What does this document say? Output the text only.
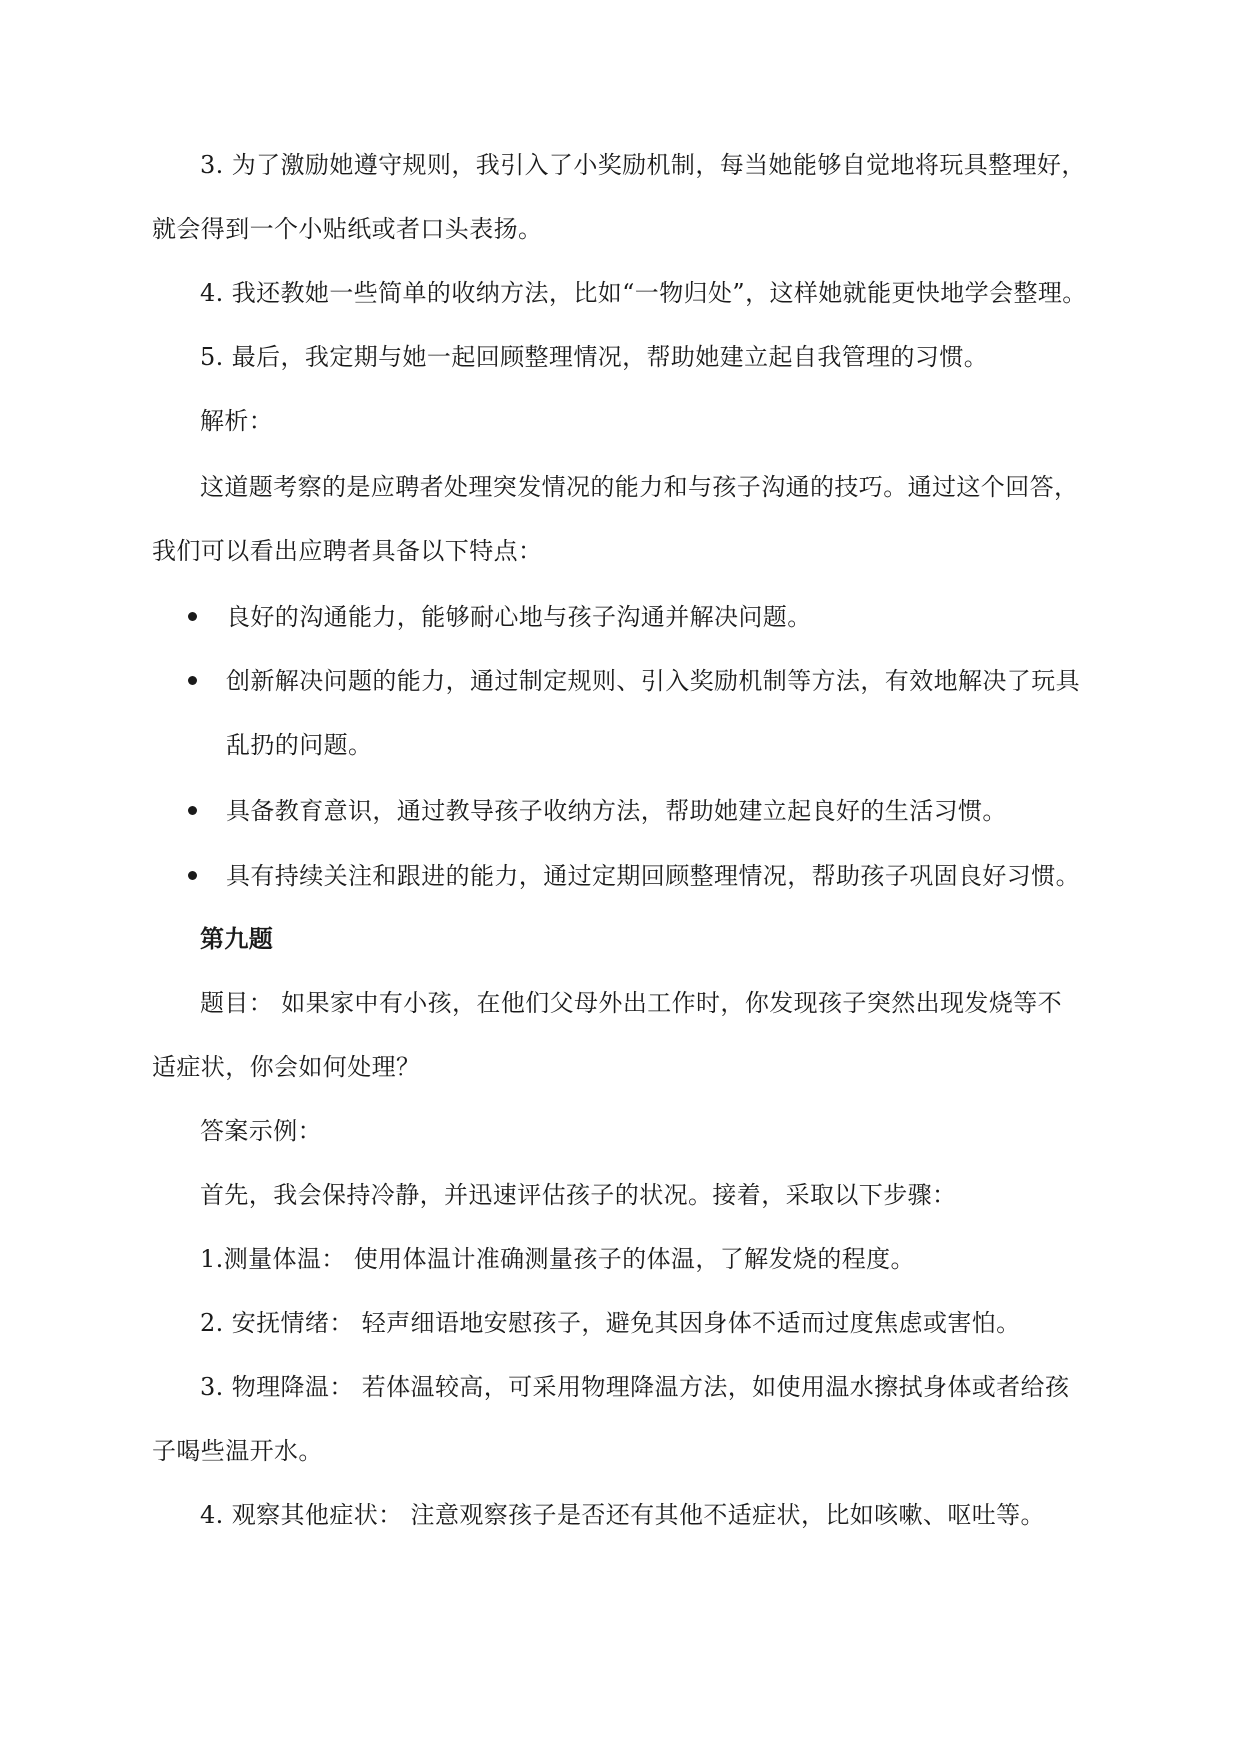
3. 为了激励她遵守规则，我引入了小奖励机制，每当她能够自觉地将玩具整理好，
就会得到一个小贴纸或者口头表扬。
4. 我还教她一些简单的收纳方法，比如“一物归处”，这样她就能更快地学会整理。
5. 最后，我定期与她一起回顾整理情况，帮助她建立起自我管理的习惯。
解析：
这道题考察的是应聘者处理突发情况的能力和与孩子沟通的技巧。通过这个回答，
我们可以看出应聘者具备以下特点：
良好的沟通能力，能够耐心地与孩子沟通并解决问题。
创新解决问题的能力，通过制定规则、引入奖励机制等方法，有效地解决了玩具
乱扔的问题。
具备教育意识，通过教导孩子收纳方法，帮助她建立起良好的生活习惯。
具有持续关注和跟进的能力，通过定期回顾整理情况，帮助孩子巩固良好习惯。
第九题
题目： 如果家中有小孩，在他们父母外出工作时，你发现孩子突然出现发烧等不
适症状，你会如何处理？
答案示例：
首先，我会保持冷静，并迅速评估孩子的状况。接着，采取以下步骤：
1.测量体温： 使用体温计准确测量孩子的体温，了解发烧的程度。
2. 安抚情绪： 轻声细语地安慰孩子，避免其因身体不适而过度焦虑或害怕。
3. 物理降温： 若体温较高，可采用物理降温方法，如使用温水擦拭身体或者给孩
子喝些温开水。
4. 观察其他症状： 注意观察孩子是否还有其他不适症状，比如咳嗽、呕吐等。
